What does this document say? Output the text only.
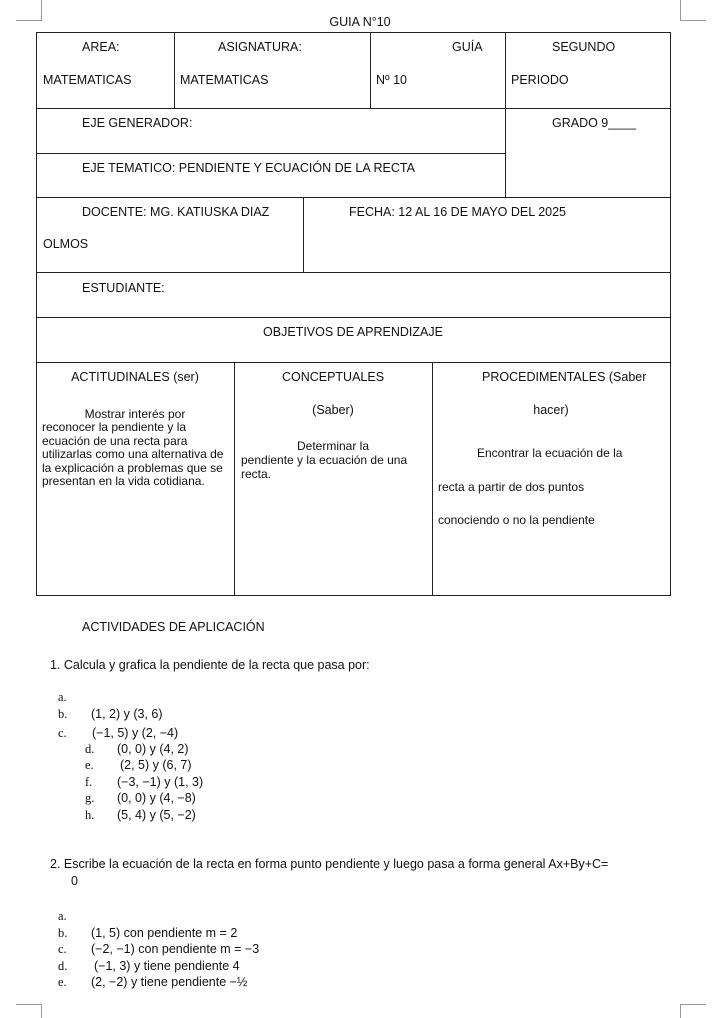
GUIA N°10
AREA:
MATEMATICAS
ASIGNATURA:
MATEMATICAS
GUÍA
Nº 10
SEGUNDO
PERIODO
EJE GENERADOR:	GRADO 9____
EJE TEMATICO: PENDIENTE Y ECUACIÓN DE LA RECTA
DOCENTE: MG. KATIUSKA DIAZ
OLMOS
FECHA: 12 AL 16 DE MAYO DEL 2025
ESTUDIANTE:
OBJETIVOS DE APRENDIZAJE
ACTITUDINALES (ser)
Mostrar interés por
reconocer la pendiente y la ecuación de una recta para utilizarlas como una alternativa de la explicación a problemas que se presentan en la vida cotidiana.
CONCEPTUALES
(Saber)
Determinar la
pendiente y la ecuación de una recta.
PROCEDIMENTALES (Saber
hacer)
Encontrar la ecuación de la
recta a partir de dos puntos
conociendo o no la pendiente
ACTIVIDADES DE APLICACIÓN
1. Calcula y grafica la pendiente de la recta que pasa por:
a.
b. (1, 2) y (3, 6)
c. (−1, 5) y (2, −4)
d. (0, 0) y (4, 2)
e. (2, 5) y (6, 7)
f. (−3, −1) y (1, 3)
g. (0, 0) y (4, −8)
h. (5, 4) y (5, −2)
2. Escribe la ecuación de la recta en forma punto pendiente y luego pasa a forma general Ax+By+C=
0
a.
b. (1, 5) con pendiente m = 2
c. (−2, −1) con pendiente m = −3
d. (−1, 3) y tiene pendiente 4
e. (2, −2) y tiene pendiente −½
